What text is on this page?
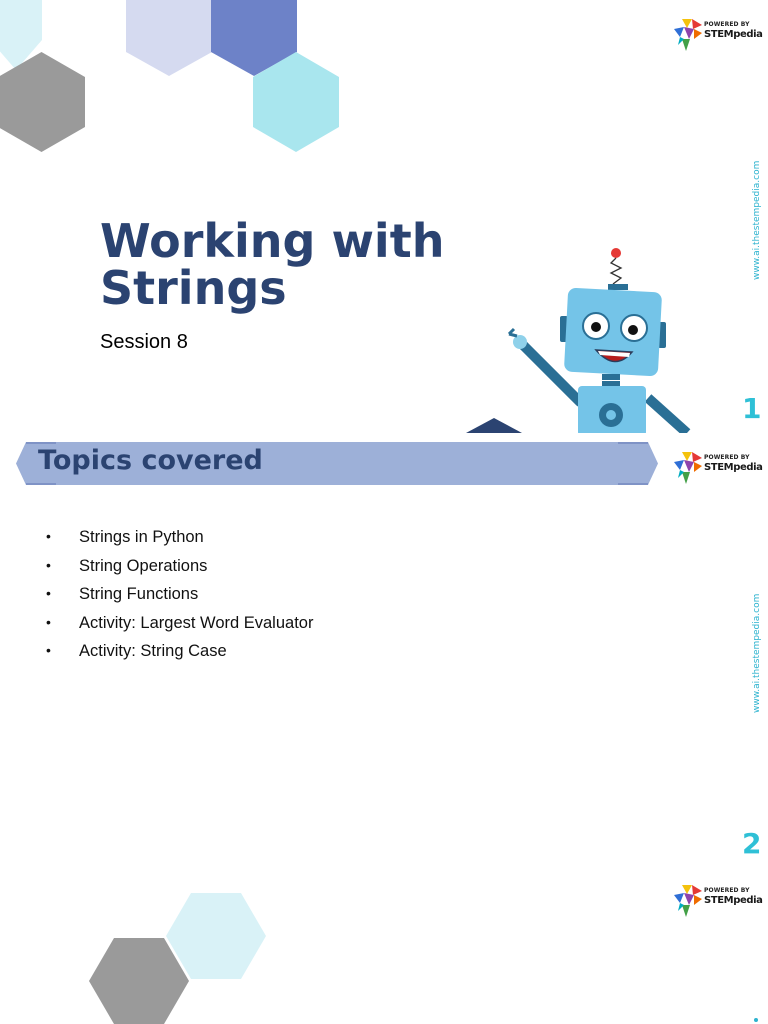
POWERED BY
STEMpedia
www.ai.thestempedia.com
Working with Strings
Session 8
1
Topics covered	POWERED BY
STEMpedia
• Strings in Python
• String Operations
• String Functions
• Activity: Largest Word Evaluator
• Activity: String Case	www.ai.thestempedia.com
2
POWERED BY
STEMpedia
